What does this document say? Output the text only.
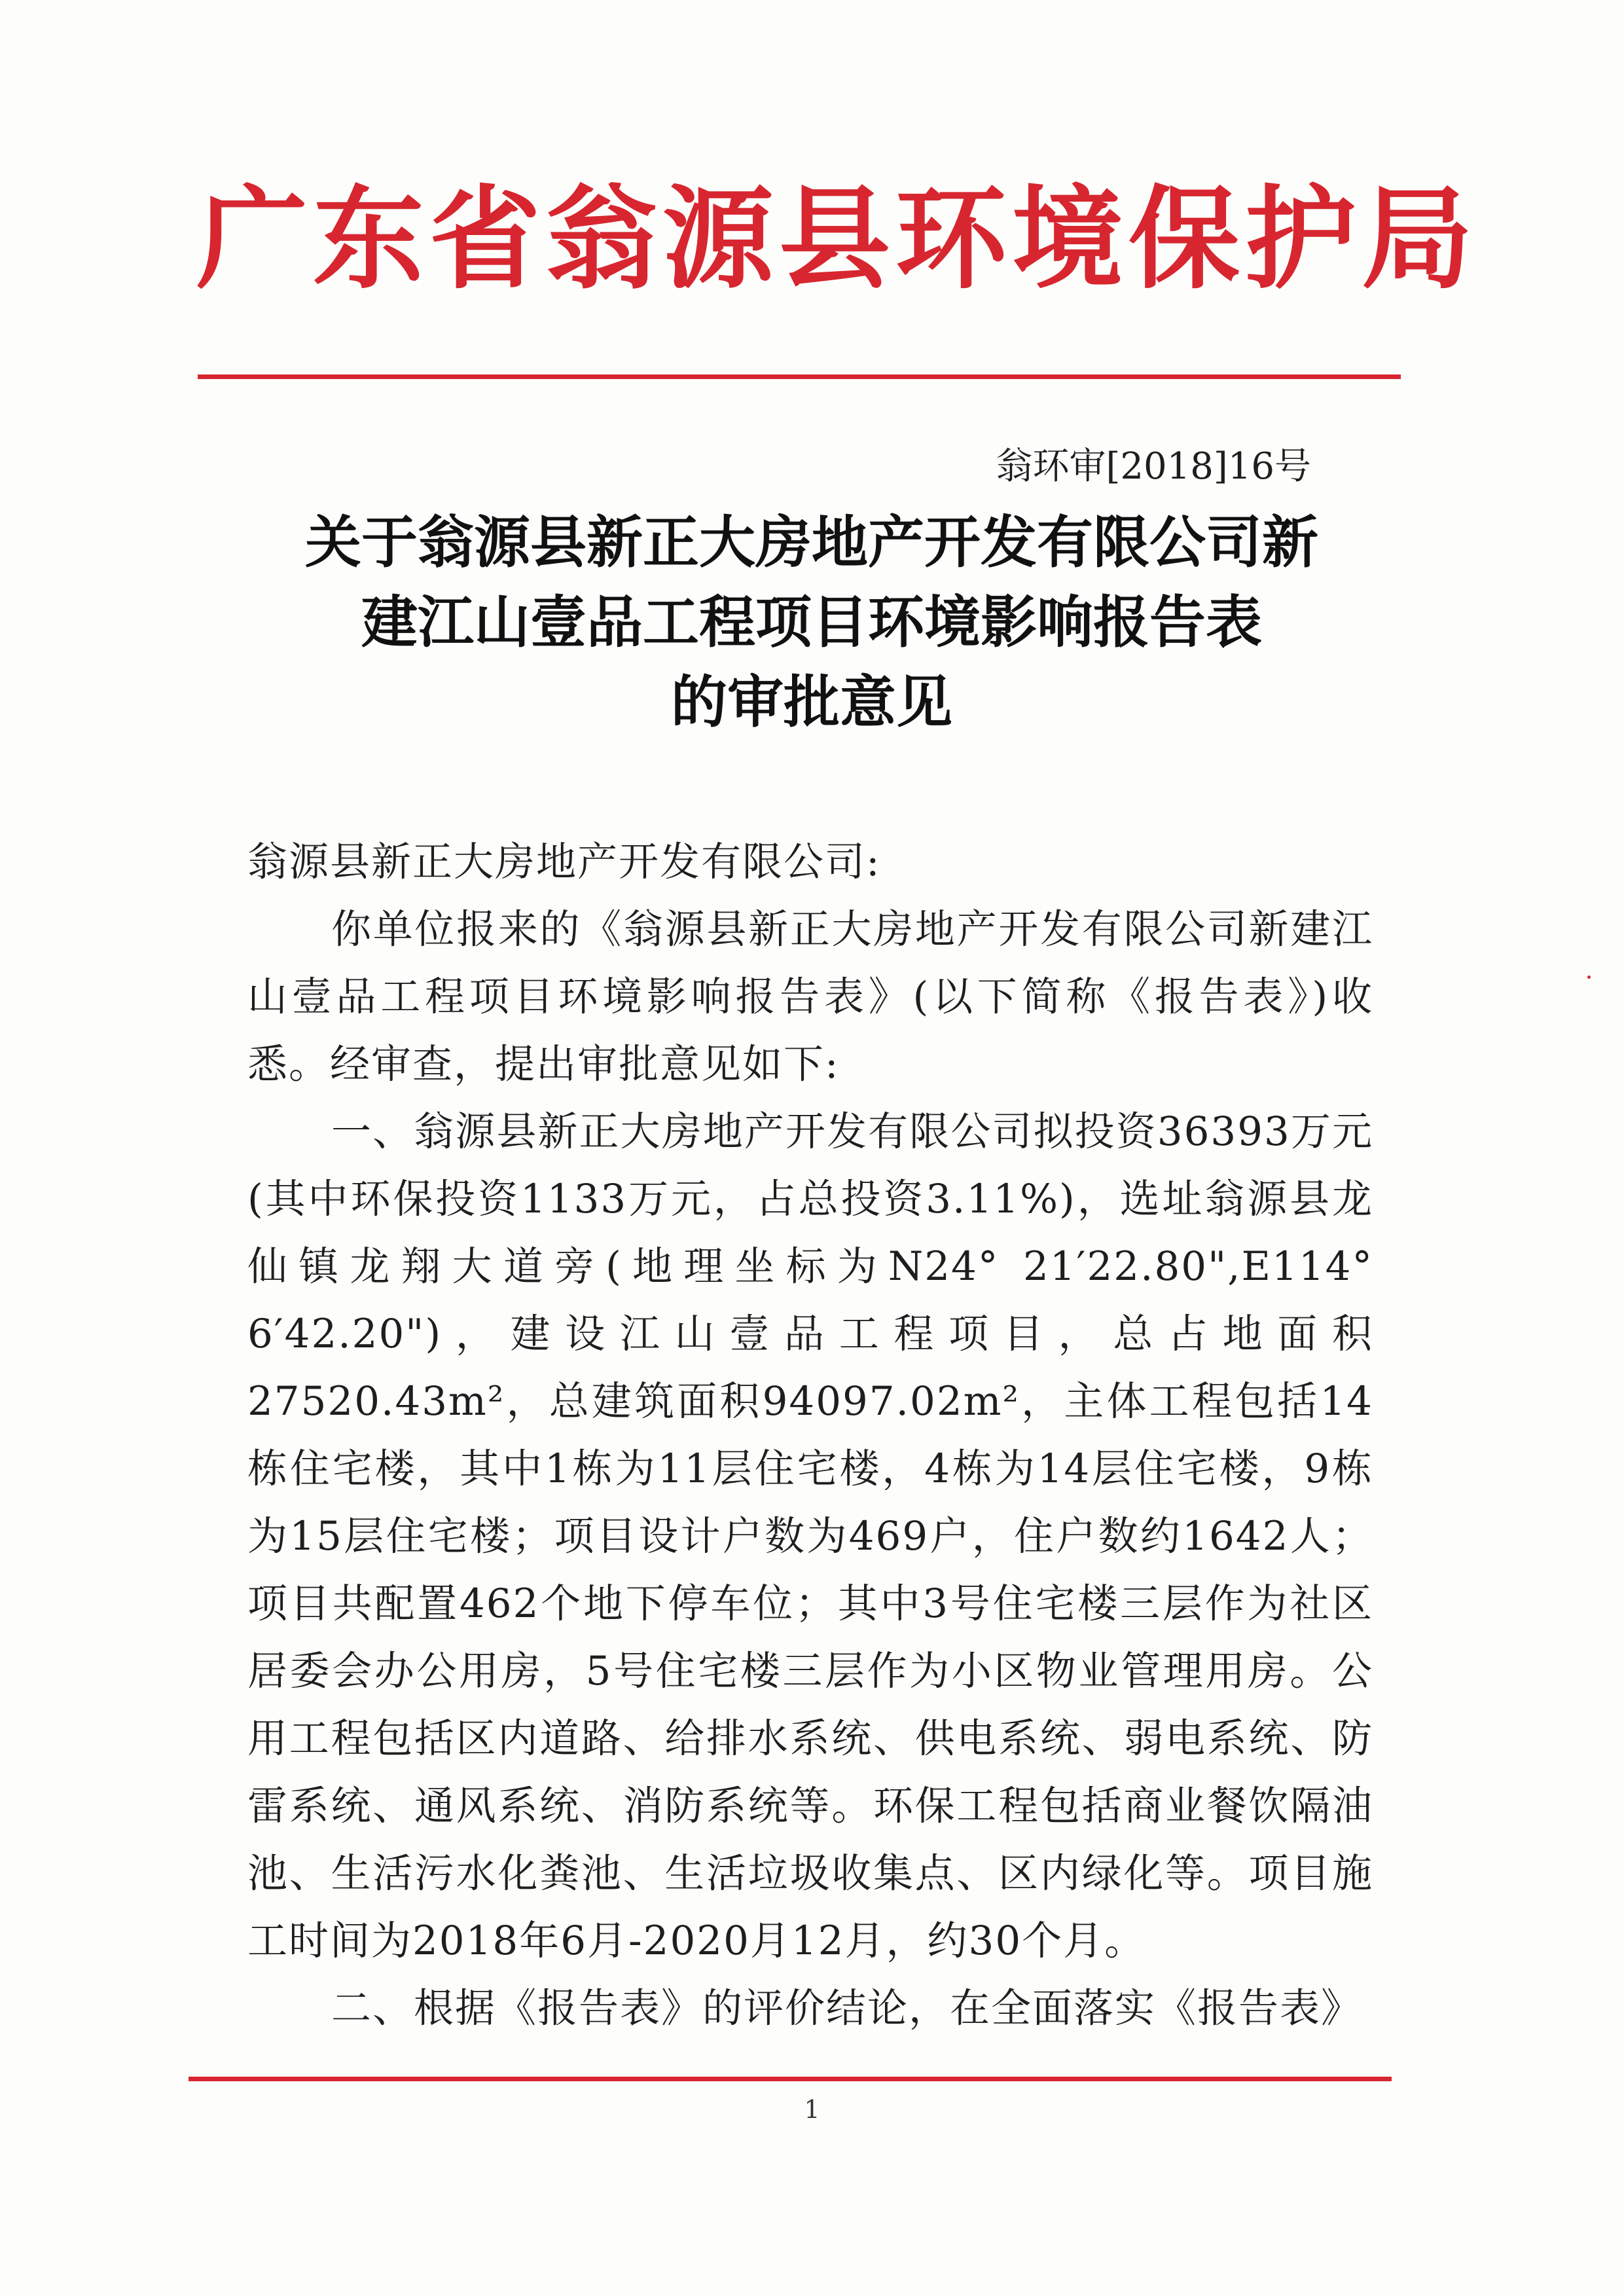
广东省翁源县环境保护局
翁环审[2018]16号
关于翁源县新正大房地产开发有限公司新
建江山壹品工程项目环境影响报告表
的审批意见

翁源县新正大房地产开发有限公司:

你单位报来的《翁源县新正大房地产开发有限公司新建江山壹品工程项目环境影响报告表》(以下简称《报告表》)收悉。经审查，提出审批意见如下:

一、翁源县新正大房地产开发有限公司拟投资36393万元(其中环保投资1133万元，占总投资3.11%)，选址翁源县龙仙镇龙翔大道旁(地理坐标为N24° 21′22.80",E114° 6′42.20")，建设江山壹品工程项目，总占地面积27520.43m²，总建筑面积94097.02m²，主体工程包括14栋住宅楼，其中1栋为11层住宅楼，4栋为14层住宅楼，9栋为15层住宅楼；项目设计户数为469户，住户数约1642人；项目共配置462个地下停车位；其中3号住宅楼三层作为社区居委会办公用房，5号住宅楼三层作为小区物业管理用房。公用工程包括区内道路、给排水系统、供电系统、弱电系统、防雷系统、通风系统、消防系统等。环保工程包括商业餐饮隔油池、生活污水化粪池、生活垃圾收集点、区内绿化等。项目施工时间为2018年6月-2020月12月，约30个月。

二、根据《报告表》的评价结论，在全面落实《报告表》

1
